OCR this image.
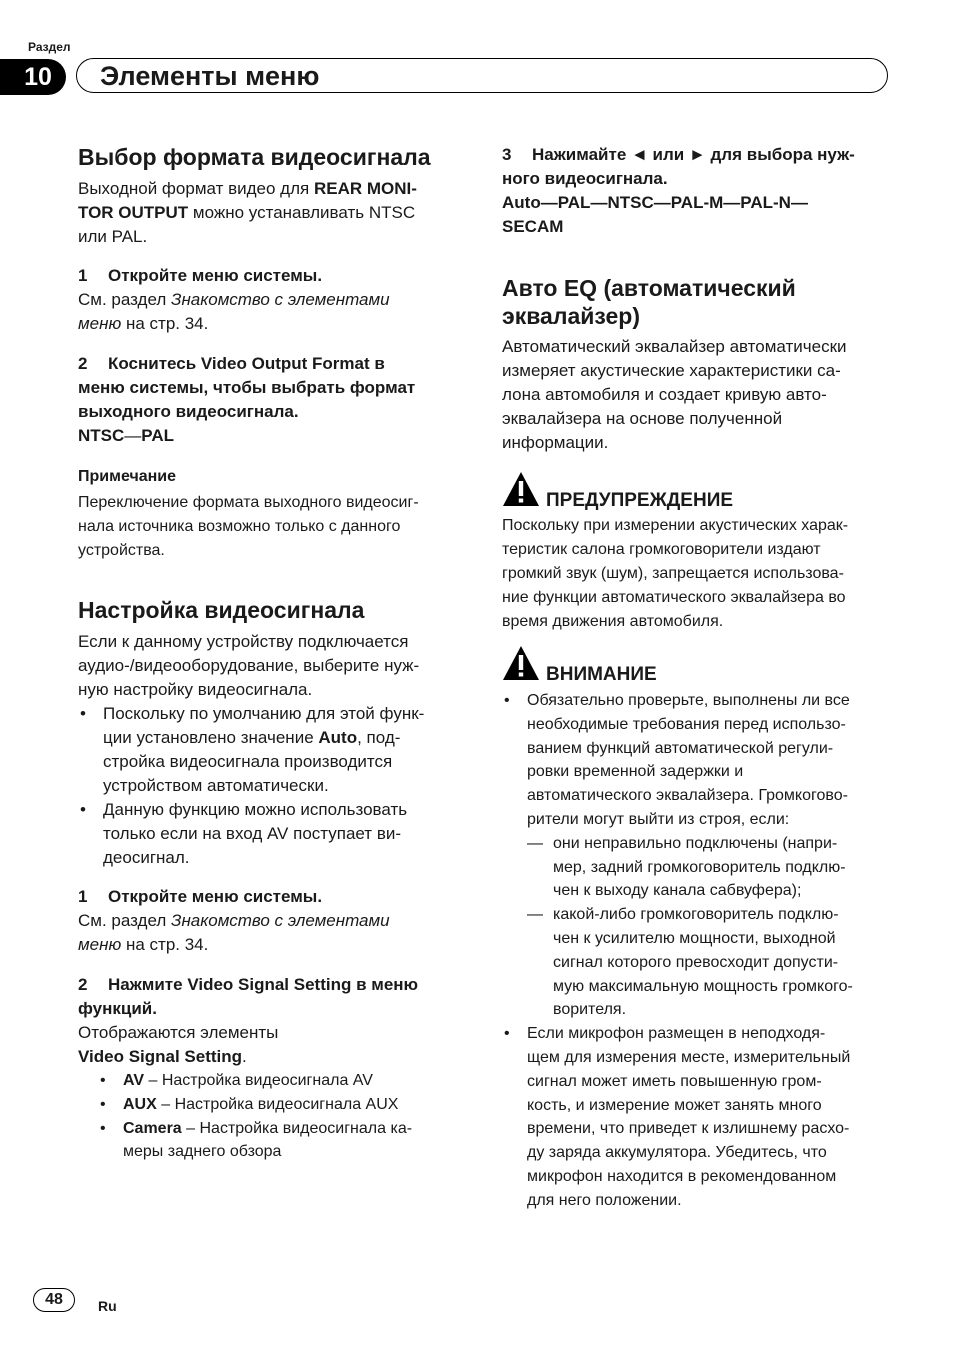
Раздел
10	Элементы меню
Выбор формата видеосигнала

Выходной формат видео для REAR MONI-

TOR OUTPUT можно устанавливать NTSC

или PAL.

1 Откройте меню системы.

См. раздел Знакомство с элементами

меню на стр. 34.

2 Коснитесь Video Output Format в

меню системы, чтобы выбрать формат

выходного видеосигнала.

NTSC—PAL

Примечание

Переключение формата выходного видеосиг-

нала источника возможно только с данного

устройства.

Настройка видеосигнала

Если к данному устройству подключается

аудио-/видеооборудование, выберите нуж-

ную настройку видеосигнала.

• Поскольку по умолчанию для этой функ-
ции установлено значение Auto, под-
стройка видеосигнала производится
устройством автоматически.
• Данную функцию можно использовать
только если на вход AV поступает ви-
деосигнал.

1 Откройте меню системы.

См. раздел Знакомство с элементами

меню на стр. 34.

2 Нажмите Video Signal Setting в меню

функций.

Отображаются элементы

Video Signal Setting.

• AV – Настройка видеосигнала AV
• AUX – Настройка видеосигнала AUX
• Camera – Настройка видеосигнала ка-
меры заднего обзора

3 Нажимайте ◄ или ► для выбора нуж-

ного видеосигнала.

Auto—PAL—NTSC—PAL-M—PAL-N—

SECAM

Авто EQ (автоматический
эквалайзер)

Автоматический эквалайзер автоматически

измеряет акустические характеристики са-

лона автомобиля и создает кривую авто-

эквалайзера на основе полученной

информации.

ПРЕДУПРЕЖДЕНИЕ

Поскольку при измерении акустических харак-

теристик салона громкоговорители издают

громкий звук (шум), запрещается использова-

ние функции автоматического эквалайзера во

время движения автомобиля.

ВНИМАНИЕ
• Обязательно проверьте, выполнены ли все
необходимые требования перед использо-
ванием функций автоматической регули-
ровки временной задержки и
автоматического эквалайзера. Громкогово-
рители могут выйти из строя, если:
— они неправильно подключены (напри-
мер, задний громкоговоритель подклю-
чен к выходу канала сабвуфера);
— какой-либо громкоговоритель подклю-
чен к усилителю мощности, выходной
сигнал которого превосходит допусти-
мую максимальную мощность громкого-
ворителя.
• Если микрофон размещен в неподходя-
щем для измерения месте, измерительный
сигнал может иметь повышенную гром-
кость, и измерение может занять много
времени, что приведет к излишнему расхо-
ду заряда аккумулятора. Убедитесь, что
микрофон находится в рекомендованном
для него положении.
48	Ru
